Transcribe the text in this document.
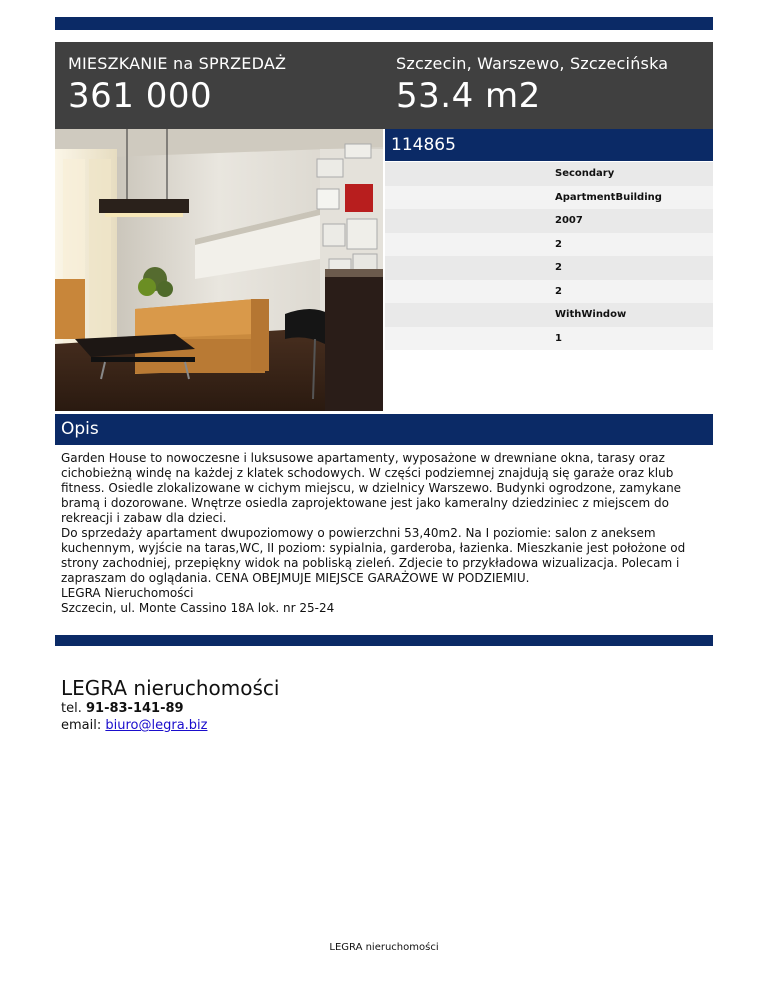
MIESZKANIE na SPRZEDAŻ
361 000
Szczecin, Warszewo, Szczecińska
53.4 m2
114865
Secondary
ApartmentBuilding
2007
2
2
2
WithWindow
1
Opis
Garden House to nowoczesne i luksusowe apartamenty, wyposażone w drewniane okna, tarasy oraz cichobieżną windę na każdej z klatek schodowych. W części podziemnej znajdują się garaże oraz klub fitness. Osiedle zlokalizowane w cichym miejscu, w dzielnicy Warszewo. Budynki ogrodzone, zamykane bramą i dozorowane. Wnętrze osiedla zaprojektowane jest jako kameralny dziedziniec z miejscem do rekreacji i zabaw dla dzieci.
Do sprzedaży apartament dwupoziomowy o powierzchni 53,40m2. Na I poziomie: salon z aneksem kuchennym, wyjście na taras,WC, II poziom: sypialnia, garderoba, łazienka. Mieszkanie jest położone od strony zachodniej, przepiękny widok na pobliską zieleń. Zdjecie to przykładowa wizualizacja. Polecam i zapraszam do oglądania. CENA OBEJMUJE MIEJSCE GARAŻOWE W PODZIEMIU.
LEGRA Nieruchomości
Szczecin, ul. Monte Cassino 18A lok. nr 25-24
LEGRA nieruchomości
tel. 91-83-141-89
email: biuro@legra.biz
LEGRA nieruchomości
